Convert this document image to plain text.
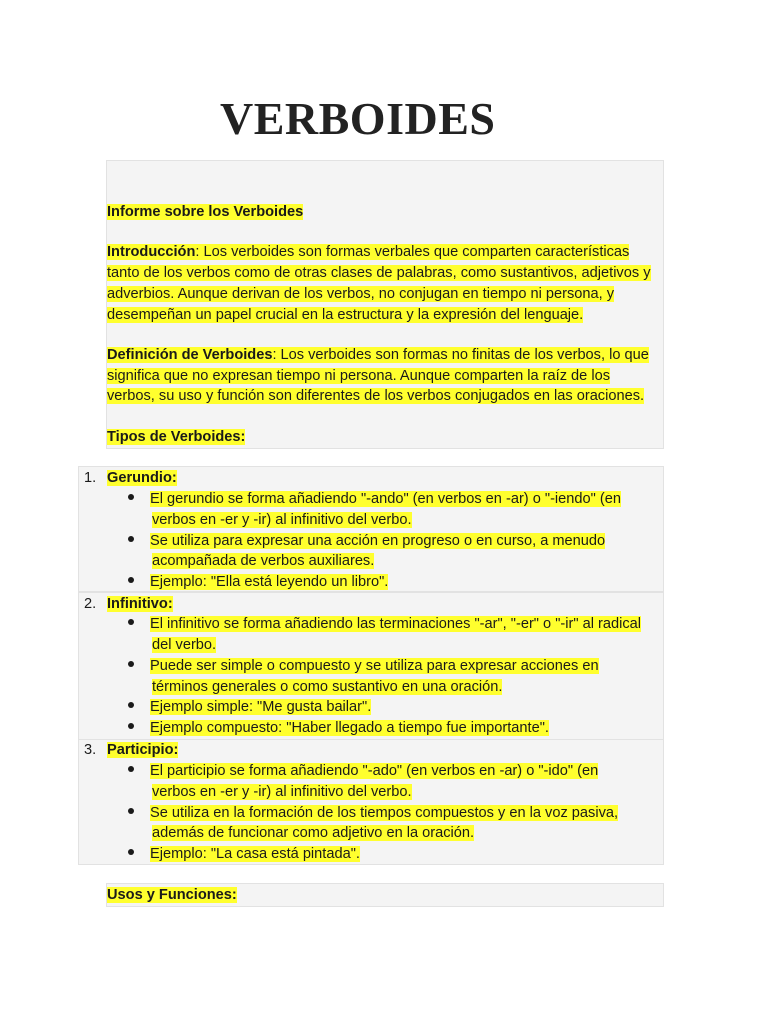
VERBOIDES
Informe sobre los Verboides
Introducción: Los verboides son formas verbales que comparten características
tanto de los verbos como de otras clases de palabras, como sustantivos, adjetivos y
adverbios. Aunque derivan de los verbos, no conjugan en tiempo ni persona, y
desempeñan un papel crucial en la estructura y la expresión del lenguaje.
Definición de Verboides: Los verboides son formas no finitas de los verbos, lo que
significa que no expresan tiempo ni persona. Aunque comparten la raíz de los
verbos, su uso y función son diferentes de los verbos conjugados en las oraciones.
Tipos de Verboides:
1. Gerundio:
El gerundio se forma añadiendo "-ando" (en verbos en -ar) o "-iendo" (en
verbos en -er y -ir) al infinitivo del verbo.
Se utiliza para expresar una acción en progreso o en curso, a menudo
acompañada de verbos auxiliares.
Ejemplo: "Ella está leyendo un libro".
2. Infinitivo:
El infinitivo se forma añadiendo las terminaciones "-ar", "-er" o "-ir" al radical
del verbo.
Puede ser simple o compuesto y se utiliza para expresar acciones en
términos generales o como sustantivo en una oración.
Ejemplo simple: "Me gusta bailar".
Ejemplo compuesto: "Haber llegado a tiempo fue importante".
3. Participio:
El participio se forma añadiendo "-ado" (en verbos en -ar) o "-ido" (en
verbos en -er y -ir) al infinitivo del verbo.
Se utiliza en la formación de los tiempos compuestos y en la voz pasiva,
además de funcionar como adjetivo en la oración.
Ejemplo: "La casa está pintada".
Usos y Funciones:
